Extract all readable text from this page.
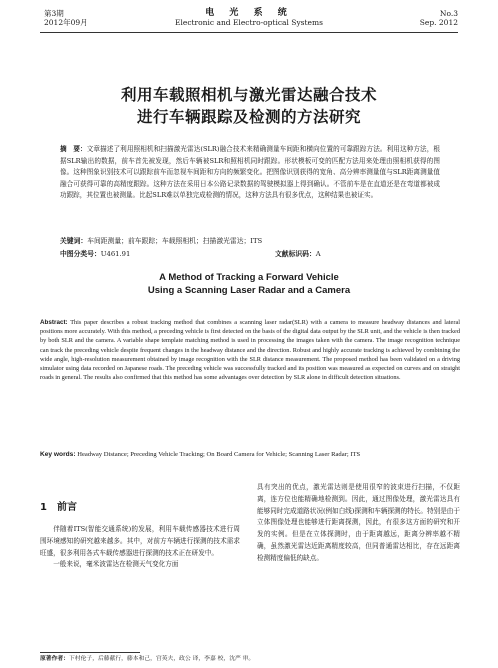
第3期
2012年09月
电 光 系 统
Electronic and Electro-optical Systems
No.3
Sep. 2012
利用车载照相机与激光雷达融合技术
进行车辆跟踪及检测的方法研究
摘　要：文章描述了利用照相机和扫描激光雷达(SLR)融合技术来精确测量车间距和横向位置的可靠跟踪方法。利用这种方法，根据SLR输出的数据，前车首先被发现，然后车辆被SLR和照相机同时跟踪。形状模板可变的匹配方法用来处理由照相机获得的图像。这种图象识别技术可以跟踪前车而忽视车间距和方向的频繁变化。把图像识别获得的宽角、高分辨率测量值与SLR距离测量值融合可获得可靠的高精度跟踪。这种方法在采用日本公路记录数据的驾驶模拟器上得到确认。不管前车是在直道还是在弯道都被成功跟踪，其位置也被测量。比起SLR难以单独完成检测的情况，这种方法具有很多优点，这种结果也被证实。
关键词：车间距测量；前车跟踪；车载照相机；扫描激光雷达；ITS
中图分类号：U461.91	文献标识码：A
A Method of Tracking a Forward Vehicle
Using a Scanning Laser Radar and a Camera
Abstract: This paper describes a robust tracking method that combines a scanning laser radar(SLR) with a camera to measure headway distances and lateral positions more accurately. With this method, a preceding vehicle is first detected on the basis of the digital data output by the SLR unit, and the vehicle is then tracked by both SLR and the camera. A variable shape template matching method is used in processing the images taken with the camera. The image recognition technique can track the preceding vehicle despite frequent changes in the headway distance and the direction. Robust and highly accurate tracking is achieved by combining the wide angle, high-resolution measurement obtained by image recognition with the SLR distance measurement. The proposed method has been validated on a driving simulator using data recorded on Japanese roads. The preceding vehicle was successfully tracked and its position was measured as expected on curves and on straight roads in general. The results also confirmed that this method has some advantages over detection by SLR alone in difficult detection situations.
Key words: Headway Distance; Preceding Vehicle Tracking; On Board Camera for Vehicle; Scanning Laser Radar; ITS
1　前言

伴随着ITS(智能交通系统)的发展，利用车载传感器技术进行周围环境感知的研究越来越多。其中，对前方车辆进行探测的技术需求旺盛，很多利用各式车载传感器进行探测的技术正在研发中。

一般来说，毫米波雷达在检测天气变化方面

具有突出的优点，激光雷达则是使用很窄的波束进行扫描，不仅距离，连方位也能精确地检测到。因此，通过图像处理，激光雷达具有能够同时完成道路状况(例如白线)探测和车辆探测的特长。特别是由于立体图像处理也能够进行距离探测，因此，有很多这方面的研究和开发的实例。但是在立体探测时，由于距离越远，距离分辨率越不精确，虽然激光雷达近距离精度较高，但同普通雷达相比，存在远距离检测精度偏低的缺点。

原著作者：下村伦子，后藤献行，藤本和己，宫英夫，政公 译，李嘉 校，沈严 审。
